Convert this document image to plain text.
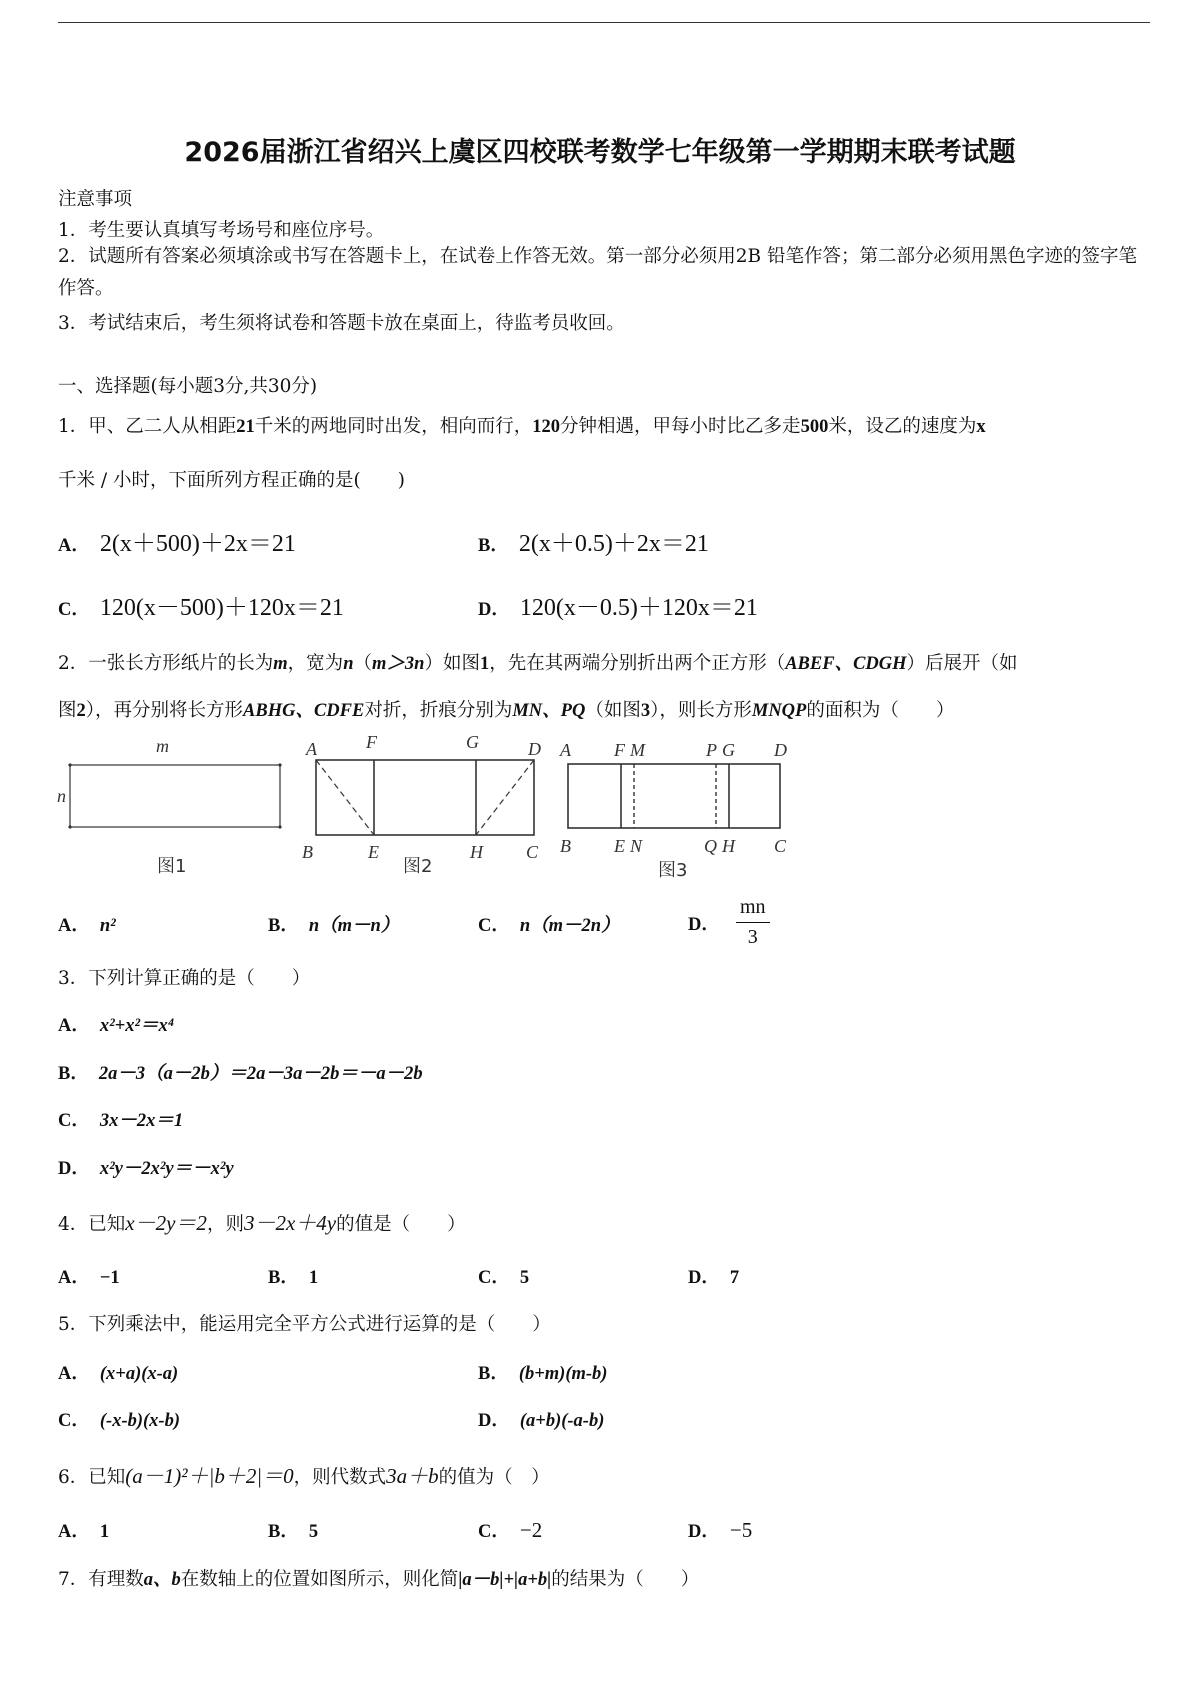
2026届浙江省绍兴上虞区四校联考数学七年级第一学期期末联考试题
注意事项
1．考生要认真填写考场号和座位序号。
2．试题所有答案必须填涂或书写在答题卡上，在试卷上作答无效。第一部分必须用2B 铅笔作答；第二部分必须用黑色字迹的签字笔作答。
3．考试结束后，考生须将试卷和答题卡放在桌面上，待监考员收回。
一、选择题(每小题3分,共30分)
1．甲、乙二人从相距21千米的两地同时出发，相向而行，120分钟相遇，甲每小时比乙多走500米，设乙的速度为x
千米 / 小时，下面所列方程正确的是(　　)
A． 2(x＋500)＋2x＝21	B． 2(x＋0.5)＋2x＝21
C． 120(x－500)＋120x＝21	D． 120(x－0.5)＋120x＝21
2．一张长方形纸片的长为m，宽为n（m＞3n）如图1，先在其两端分别折出两个正方形（ABEF、CDGH）后展开（如
图2），再分别将长方形ABHG、CDFE对折，折痕分别为MN、PQ（如图3），则长方形MNQP的面积为（　　）
m
n
图1
A	F	G	D
B	E	H C
图2
A F M	P G D
B E N	Q H C
图3
A． n²	B． n（m－n）	C． n（m－2n）	D． $\frac{mn}{3}$
3．下列计算正确的是（　　）
A． x²+x²＝x⁴
B． 2a－3（a－2b）＝2a－3a－2b＝－a－2b
C． 3x－2x＝1
D． x²y－2x²y＝－x²y
4．已知x－2y＝2，则3－2x＋4y的值是（　　）
A． −1	B． 1	C． 5	D． 7
5．下列乘法中，能运用完全平方公式进行运算的是（　　）
A． (x+a)(x-a)	B． (b+m)(m-b)
C． (-x-b)(x-b)	D． (a+b)(-a-b)
6．已知(a－1)²＋|b＋2|＝0，则代数式3a＋b的值为（　）
A． 1	B． 5	C． −2	D． −5
7．有理数a、b在数轴上的位置如图所示，则化简|a－b|+|a+b|的结果为（　　）
